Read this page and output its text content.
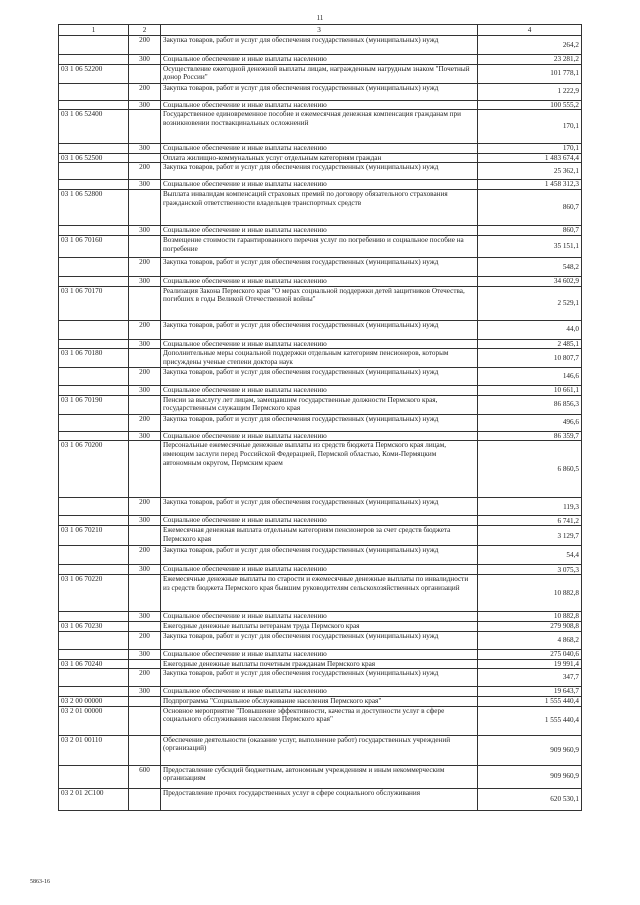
11
1	2	3	4
	200	Закупка товаров, работ и услуг для обеспечения государственных (муниципальных) нужд	264,2
	300	Социальное обеспечение и иные выплаты населению	23 281,2
03 1 06 52200		Осуществление ежегодной денежной выплаты лицам, награжденным нагрудным знаком "Почетный донор России"	101 778,1
	200	Закупка товаров, работ и услуг для обеспечения государственных (муниципальных) нужд	1 222,9
	300	Социальное обеспечение и иные выплаты населению	100 555,2
03 1 06 52400		Государственное единовременное пособие и ежемесячная денежная компенсация гражданам при возникновении поствакцинальных осложнений	170,1
	300	Социальное обеспечение и иные выплаты населению	170,1
03 1 06 52500		Оплата жилищно-коммунальных услуг отдельным категориям граждан	1 483 674,4
	200	Закупка товаров, работ и услуг для обеспечения государственных (муниципальных) нужд	25 362,1
	300	Социальное обеспечение и иные выплаты населению	1 458 312,3
03 1 06 52800		Выплата инвалидам компенсаций страховых премий по договору обязательного страхования гражданской ответственности владельцев транспортных средств	860,7
	300	Социальное обеспечение и иные выплаты населению	860,7
03 1 06 70160		Возмещение стоимости гарантированного перечня услуг по погребению и социальное пособие на погребение	35 151,1
	200	Закупка товаров, работ и услуг для обеспечения государственных (муниципальных) нужд	548,2
	300	Социальное обеспечение и иные выплаты населению	34 602,9
03 1 06 70170		Реализация Закона Пермского края "О мерах социальной поддержки детей защитников Отечества, погибших в годы Великой Отечественной войны"	2 529,1
	200	Закупка товаров, работ и услуг для обеспечения государственных (муниципальных) нужд	44,0
	300	Социальное обеспечение и иные выплаты населению	2 485,1
03 1 06 70180		Дополнительные меры социальной поддержки отдельным категориям пенсионеров, которым присуждены ученые степени доктора наук	10 807,7
	200	Закупка товаров, работ и услуг для обеспечения государственных (муниципальных) нужд	146,6
	300	Социальное обеспечение и иные выплаты населению	10 661,1
03 1 06 70190		Пенсии за выслугу лет лицам, замещавшим государственные должности Пермского края, государственным служащим Пермского края	86 856,3
	200	Закупка товаров, работ и услуг для обеспечения государственных (муниципальных) нужд	496,6
	300	Социальное обеспечение и иные выплаты населению	86 359,7
03 1 06 70200		Персональные ежемесячные денежные выплаты из средств бюджета Пермского края лицам, имеющим заслуги перед Российской Федерацией, Пермской областью, Коми-Пермяцким автономным округом, Пермским краем	6 860,5
	200	Закупка товаров, работ и услуг для обеспечения государственных (муниципальных) нужд	119,3
	300	Социальное обеспечение и иные выплаты населению	6 741,2
03 1 06 70210		Ежемесячная денежная выплата отдельным категориям пенсионеров за счет средств бюджета Пермского края	3 129,7
	200	Закупка товаров, работ и услуг для обеспечения государственных (муниципальных) нужд	54,4
	300	Социальное обеспечение и иные выплаты населению	3 075,3
03 1 06 70220		Ежемесячные денежные выплаты по старости и ежемесячные денежные выплаты по инвалидности из средств бюджета Пермского края бывшим руководителям сельскохозяйственных организаций	10 882,8
	300	Социальное обеспечение и иные выплаты населению	10 882,8
03 1 06 70230		Ежегодные денежные выплаты ветеранам труда Пермского края	279 908,8
	200	Закупка товаров, работ и услуг для обеспечения государственных (муниципальных) нужд	4 868,2
	300	Социальное обеспечение и иные выплаты населению	275 040,6
03 1 06 70240		Ежегодные денежные выплаты почетным гражданам Пермского края	19 991,4
	200	Закупка товаров, работ и услуг для обеспечения государственных (муниципальных) нужд	347,7
	300	Социальное обеспечение и иные выплаты населению	19 643,7
03 2 00 00000		Подпрограмма "Социальное обслуживание населения Пермского края"	1 555 440,4
03 2 01 00000		Основное мероприятие "Повышение эффективности, качества и доступности услуг в сфере социального обслуживания населения Пермского края"	1 555 440,4
03 2 01 00110		Обеспечение деятельности (оказание услуг, выполнение работ) государственных учреждений (организаций)	909 960,9
	600	Предоставление субсидий бюджетным, автономным учреждениям и иным некоммерческим организациям	909 960,9
03 2 01 2С100		Предоставление прочих государственных услуг в сфере социального обслуживания	620 530,1
5863-16
